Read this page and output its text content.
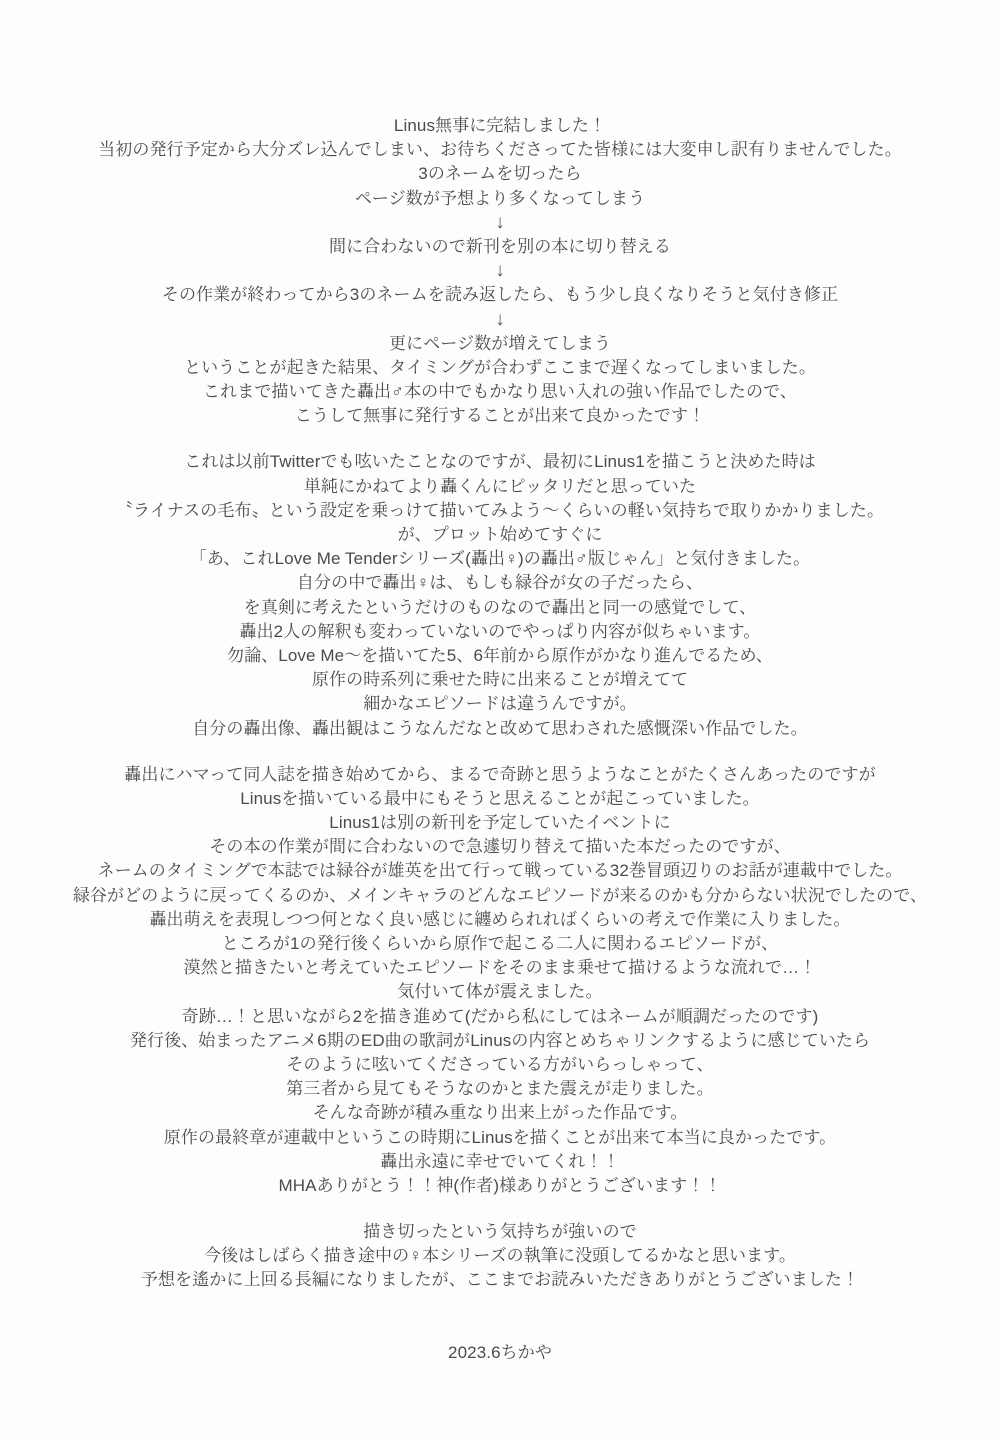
Linus無事に完結しました！
当初の発行予定から大分ズレ込んでしまい、お待ちくださってた皆様には大変申し訳有りませんでした。
3のネームを切ったら
ページ数が予想より多くなってしまう
↓
間に合わないので新刊を別の本に切り替える
↓
その作業が終わってから3のネームを読み返したら、もう少し良くなりそうと気付き修正
↓
更にページ数が増えてしまう
ということが起きた結果、タイミングが合わずここまで遅くなってしまいました。
これまで描いてきた轟出♂本の中でもかなり思い入れの強い作品でしたので、
こうして無事に発行することが出来て良かったです！
これは以前Twitterでも呟いたことなのですが、最初にLinus1を描こうと決めた時は
単純にかねてより轟くんにピッタリだと思っていた
〝ライナスの毛布〟という設定を乗っけて描いてみよう～くらいの軽い気持ちで取りかかりました。
が、プロット始めてすぐに
「あ、これLove Me Tenderシリーズ(轟出♀)の轟出♂版じゃん」と気付きました。
自分の中で轟出♀は、もしも緑谷が女の子だったら、
を真剣に考えたというだけのものなので轟出と同一の感覚でして、
轟出2人の解釈も変わっていないのでやっぱり内容が似ちゃいます。
勿論、Love Me～を描いてた5、6年前から原作がかなり進んでるため、
原作の時系列に乗せた時に出来ることが増えてて
細かなエピソードは違うんですが。
自分の轟出像、轟出観はこうなんだなと改めて思わされた感慨深い作品でした。
轟出にハマって同人誌を描き始めてから、まるで奇跡と思うようなことがたくさんあったのですが
Linusを描いている最中にもそうと思えることが起こっていました。
Linus1は別の新刊を予定していたイベントに
その本の作業が間に合わないので急遽切り替えて描いた本だったのですが、
ネームのタイミングで本誌では緑谷が雄英を出て行って戦っている32巻冒頭辺りのお話が連載中でした。
緑谷がどのように戻ってくるのか、メインキャラのどんなエピソードが来るのかも分からない状況でしたので、
轟出萌えを表現しつつ何となく良い感じに纏められればくらいの考えで作業に入りました。
ところが1の発行後くらいから原作で起こる二人に関わるエピソードが、
漠然と描きたいと考えていたエピソードをそのまま乗せて描けるような流れで…！
気付いて体が震えました。
奇跡…！と思いながら2を描き進めて(だから私にしてはネームが順調だったのです)
発行後、始まったアニメ6期のED曲の歌詞がLinusの内容とめちゃリンクするように感じていたら
そのように呟いてくださっている方がいらっしゃって、
第三者から見てもそうなのかとまた震えが走りました。
そんな奇跡が積み重なり出来上がった作品です。
原作の最終章が連載中というこの時期にLinusを描くことが出来て本当に良かったです。
轟出永遠に幸せでいてくれ！！
MHAありがとう！！神(作者)様ありがとうございます！！
描き切ったという気持ちが強いので
今後はしばらく描き途中の♀本シリーズの執筆に没頭してるかなと思います。
予想を遙かに上回る長編になりましたが、ここまでお読みいただきありがとうございました！
2023.6ちかや
